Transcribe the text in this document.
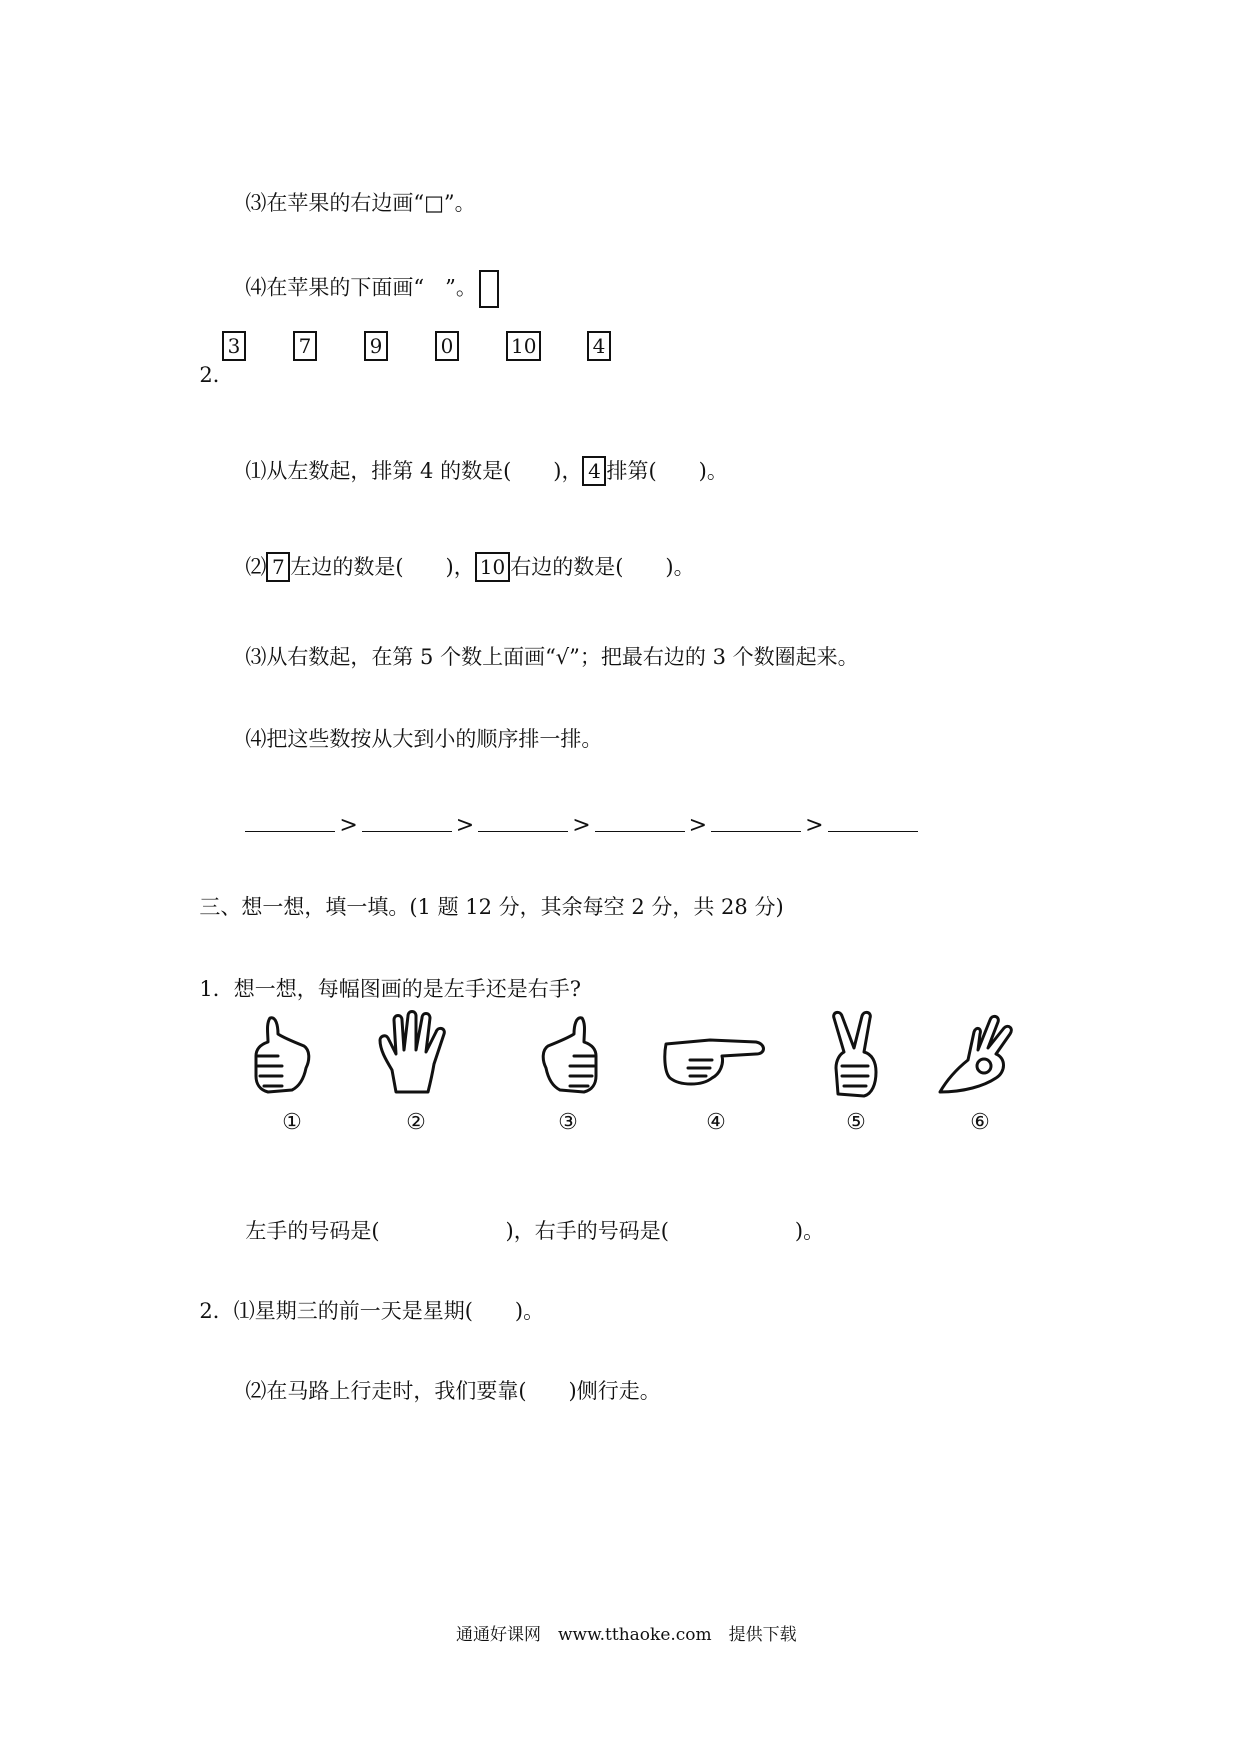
⑶在苹果的右边画“□”。

⑷在苹果的下面画“　”。

2．

3	7	9	0	10	4

⑴从左数起，排第 4 的数是(　　)， 4 排第(　　)。

⑵ 7 左边的数是(　　)， 10 右边的数是(　　)。

⑶从右数起，在第 5 个数上面画“√”；把最右边的 3 个数圈起来。

⑷把这些数按从大到小的顺序排一排。

>	>	>	>	>

三、想一想，填一填。(1 题 12 分，其余每空 2 分，共 28 分)

1．想一想，每幅图画的是左手还是右手?

①	②	③	④	⑤	⑥

左手的号码是(　　　　　　)，右手的号码是(　　　　　　)。

2．⑴星期三的前一天是星期(　　)。

⑵在马路上行走时，我们要靠(　　)侧行走。

通通好课网　www.tthaoke.com　提供下载
